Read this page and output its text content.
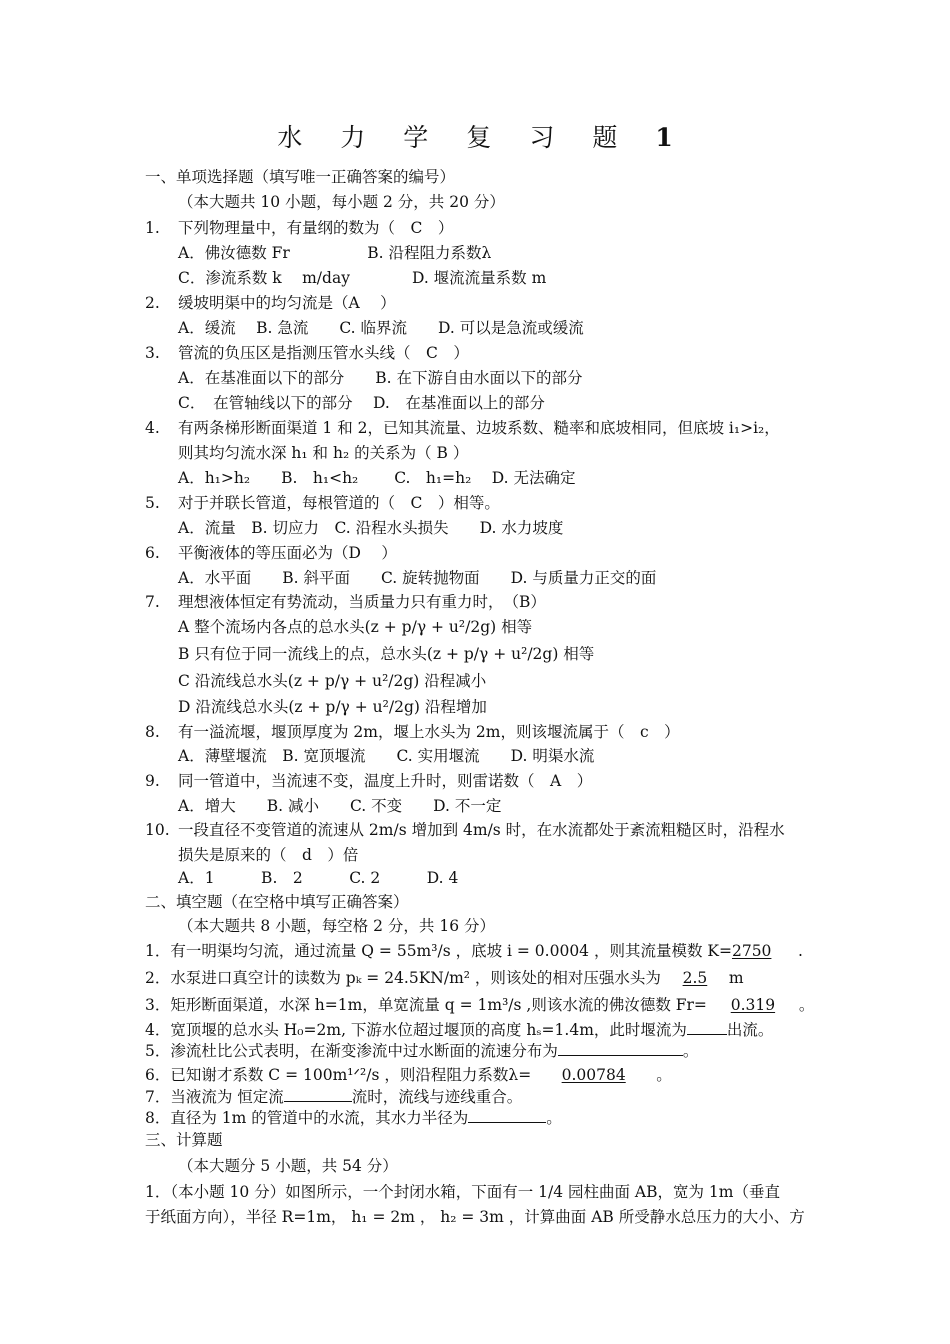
水 力 学 复 习 题 1
一、单项选择题（填写唯一正确答案的编号）
（本大题共 10 小题，每小题 2 分，共 20 分）
1. 下列物理量中，有量纲的数为（　C　）
A．佛汝德数 Fr　　　　　B. 沿程阻力系数λ
C．渗流系数 k　 m/day　　　　D. 堰流流量系数 m
2. 缓坡明渠中的均匀流是（A　 ）
A．缓流　 B. 急流　　C. 临界流　　D. 可以是急流或缓流
3. 管流的负压区是指测压管水头线（　C　）
A．在基准面以下的部分　　B. 在下游自由水面以下的部分
C．　在管轴线以下的部分　 D.　在基准面以上的部分
4. 有两条梯形断面渠道 1 和 2，已知其流量、边坡系数、糙率和底坡相同，但底坡 i₁>i₂，
则其均匀流水深 h₁ 和 h₂ 的关系为（ B ）
A．h₁>h₂　　B.　h₁<h₂　　 C.　h₁=h₂　 D. 无法确定
5. 对于并联长管道，每根管道的（　C　）相等。
A．流量　B. 切应力　C. 沿程水头损失　　D. 水力坡度
6. 平衡液体的等压面必为（D　 ）
A．水平面　　B. 斜平面　　C. 旋转抛物面　　D. 与质量力正交的面
7. 理想液体恒定有势流动，当质量力只有重力时，　（B）
A 整个流场内各点的总水头(z + p/γ + u²/2g) 相等
B 只有位于同一流线上的点，总水头(z + p/γ + u²/2g) 相等
C 沿流线总水头(z + p/γ + u²/2g) 沿程减小
D 沿流线总水头(z + p/γ + u²/2g) 沿程增加
8. 有一溢流堰，堰顶厚度为 2m，堰上水头为 2m，则该堰流属于（　c　）
A．薄壁堰流　B. 宽顶堰流　　C. 实用堰流　　D. 明渠水流
9. 同一管道中，当流速不变，温度上升时，则雷诺数（　A　）
A．增大　　B. 减小　　C. 不变　　D. 不一定
10. 一段直径不变管道的流速从 2m/s 增加到 4m/s 时，在水流都处于紊流粗糙区时，沿程水
损失是原来的（　d　）倍
A．1　　　B.　2　　　C. 2　　　D. 4
二、填空题（在空格中填写正确答案）
（本大题共 8 小题，每空格 2 分，共 16 分）
1．有一明渠均匀流，通过流量 Q = 55m³/s ，底坡 i = 0.0004 ，则其流量模数 K=2750 .
2．水泵进口真空计的读数为 pₖ = 24.5KN/m² ，则该处的相对压强水头为 2.5 m
3．矩形断面渠道，水深 h=1m，单宽流量 q = 1m³/s ,则该水流的佛汝德数 Fr= 0.319 。
4．宽顶堰的总水头 H₀=2m, 下游水位超过堰顶的高度 hₛ=1.4m，此时堰流为	出流。
5．渗流杜比公式表明，在渐变渗流中过水断面的流速分布为	。
6．已知谢才系数 C = 100m¹ᐟ²/s ，则沿程阻力系数λ= 0.00784 。
7．当液流为 恒定流	流时，流线与迹线重合。
8．直径为 1m 的管道中的水流，其水力半径为	。
三、计算题
（本大题分 5 小题，共 54 分）
1．（本小题 10 分）如图所示，一个封闭水箱，下面有一 1/4 园柱曲面 AB，宽为 1m（垂直
于纸面方向），半径 R=1m， h₁ = 2m ， h₂ = 3m ，计算曲面 AB 所受静水总压力的大小、方
